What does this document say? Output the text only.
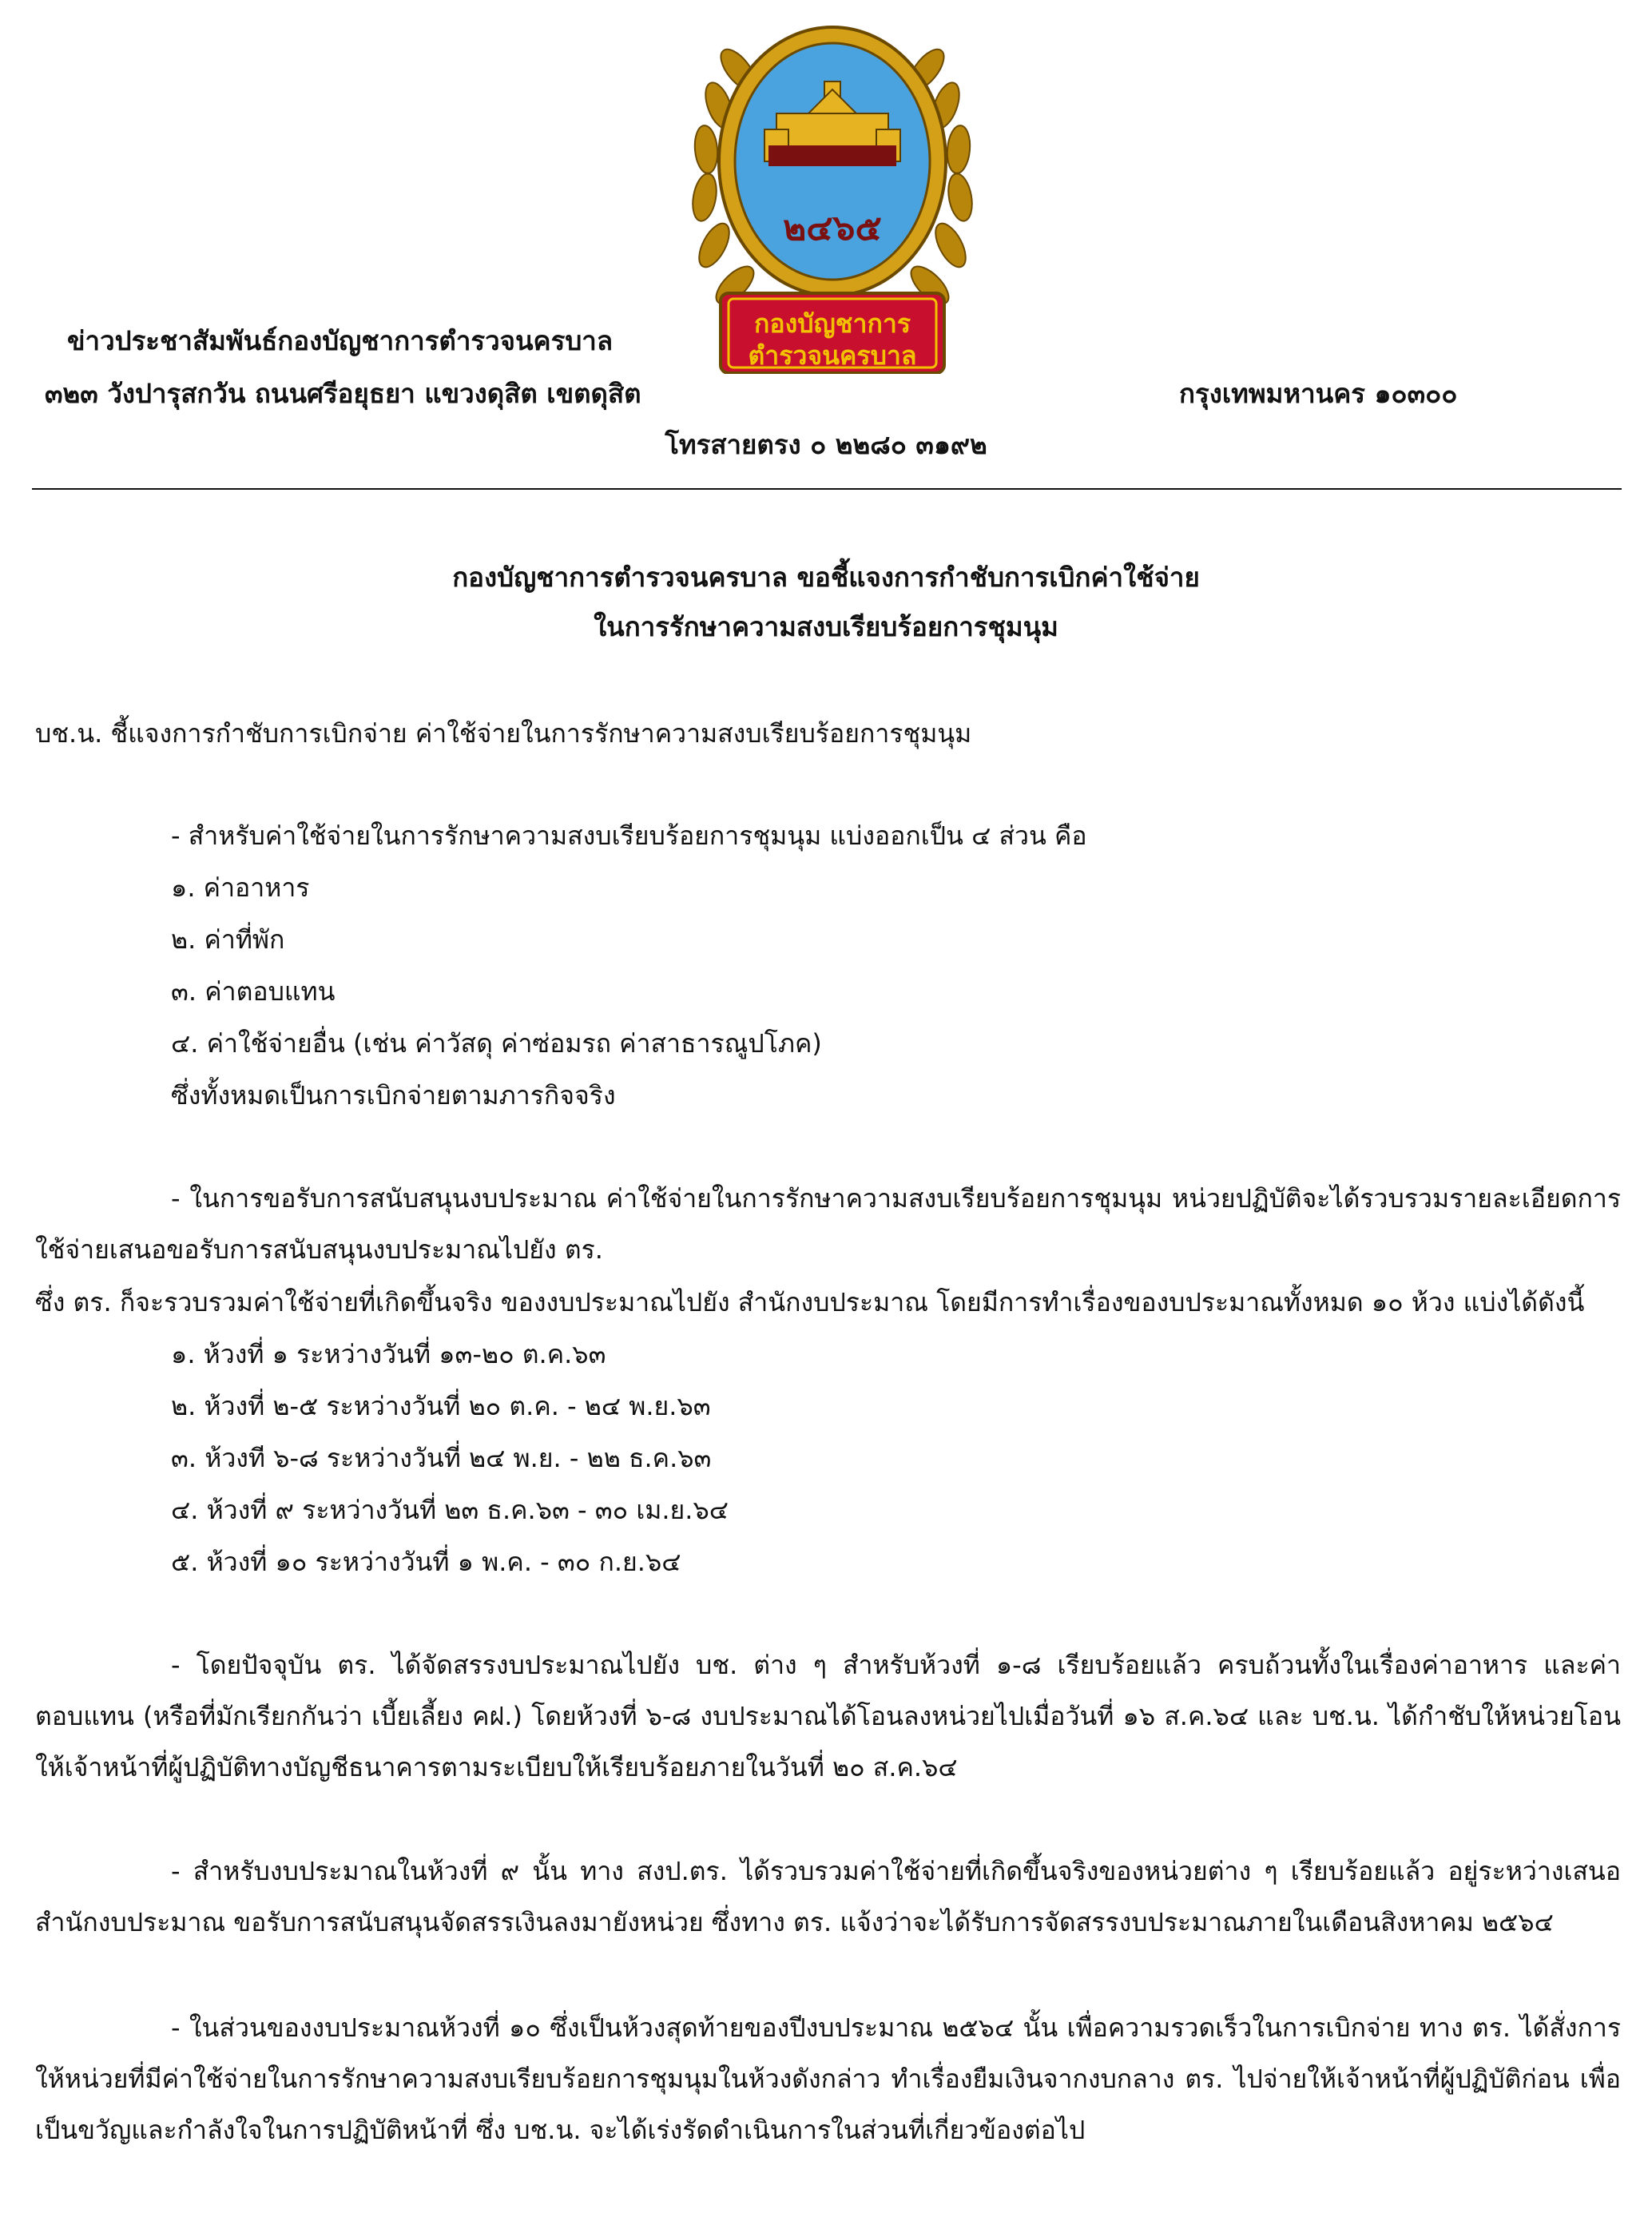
๒๔๖๕
กองบัญชาการ
ตำรวจนครบาล
ข่าวประชาสัมพันธ์กองบัญชาการตำรวจนครบาล
๓๒๓ วังปารุสกวัน ถนนศรีอยุธยา แขวงดุสิต เขตดุสิต	กรุงเทพมหานคร ๑๐๓๐๐
โทรสายตรง ๐ ๒๒๘๐ ๓๑๙๒
กองบัญชาการตำรวจนครบาล ขอชี้แจงการกำชับการเบิกค่าใช้จ่าย
ในการรักษาความสงบเรียบร้อยการชุมนุม
บช.น. ชี้แจงการกำชับการเบิกจ่าย ค่าใช้จ่ายในการรักษาความสงบเรียบร้อยการชุมนุม
- สำหรับค่าใช้จ่ายในการรักษาความสงบเรียบร้อยการชุมนุม แบ่งออกเป็น ๔ ส่วน คือ
๑. ค่าอาหาร
๒. ค่าที่พัก
๓. ค่าตอบแทน
๔. ค่าใช้จ่ายอื่น (เช่น ค่าวัสดุ ค่าซ่อมรถ ค่าสาธารณูปโภค)
ซึ่งทั้งหมดเป็นการเบิกจ่ายตามภารกิจจริง
- ในการขอรับการสนับสนุนงบประมาณ ค่าใช้จ่ายในการรักษาความสงบเรียบร้อยการชุมนุม หน่วยปฏิบัติจะได้รวบรวมรายละเอียดการใช้จ่ายเสนอขอรับการสนับสนุนงบประมาณไปยัง ตร.
ซึ่ง ตร. ก็จะรวบรวมค่าใช้จ่ายที่เกิดขึ้นจริง ของงบประมาณไปยัง สำนักงบประมาณ โดยมีการทำเรื่องของบประมาณทั้งหมด ๑๐ ห้วง แบ่งได้ดังนี้
๑. ห้วงที่ ๑ ระหว่างวันที่ ๑๓-๒๐ ต.ค.๖๓
๒. ห้วงที่ ๒-๕ ระหว่างวันที่ ๒๐ ต.ค. - ๒๔ พ.ย.๖๓
๓. ห้วงที ๖-๘ ระหว่างวันที่ ๒๔ พ.ย. - ๒๒ ธ.ค.๖๓
๔. ห้วงที่ ๙ ระหว่างวันที่ ๒๓ ธ.ค.๖๓ - ๓๐ เม.ย.๖๔
๕. ห้วงที่ ๑๐ ระหว่างวันที่ ๑ พ.ค. - ๓๐ ก.ย.๖๔
- โดยปัจจุบัน ตร. ได้จัดสรรงบประมาณไปยัง บช. ต่าง ๆ สำหรับห้วงที่ ๑-๘ เรียบร้อยแล้ว ครบถ้วนทั้งในเรื่องค่าอาหาร และค่าตอบแทน (หรือที่มักเรียกกันว่า เบี้ยเลี้ยง คฝ.) โดยห้วงที่ ๖-๘ งบประมาณได้โอนลงหน่วยไปเมื่อวันที่ ๑๖ ส.ค.๖๔ และ บช.น. ได้กำชับให้หน่วยโอนให้เจ้าหน้าที่ผู้ปฏิบัติทางบัญชีธนาคารตามระเบียบให้เรียบร้อยภายในวันที่ ๒๐ ส.ค.๖๔
- สำหรับงบประมาณในห้วงที่ ๙ นั้น ทาง สงป.ตร. ได้รวบรวมค่าใช้จ่ายที่เกิดขึ้นจริงของหน่วยต่าง ๆ เรียบร้อยแล้ว อยู่ระหว่างเสนอสำนักงบประมาณ ขอรับการสนับสนุนจัดสรรเงินลงมายังหน่วย ซึ่งทาง ตร. แจ้งว่าจะได้รับการจัดสรรงบประมาณภายในเดือนสิงหาคม ๒๕๖๔
- ในส่วนของงบประมาณห้วงที่ ๑๐ ซึ่งเป็นห้วงสุดท้ายของปีงบประมาณ ๒๕๖๔ นั้น เพื่อความรวดเร็วในการเบิกจ่าย ทาง ตร. ได้สั่งการให้หน่วยที่มีค่าใช้จ่ายในการรักษาความสงบเรียบร้อยการชุมนุมในห้วงดังกล่าว ทำเรื่องยืมเงินจากงบกลาง ตร. ไปจ่ายให้เจ้าหน้าที่ผู้ปฏิบัติก่อน เพื่อเป็นขวัญและกำลังใจในการปฏิบัติหน้าที่ ซึ่ง บช.น. จะได้เร่งรัดดำเนินการในส่วนที่เกี่ยวข้องต่อไป
